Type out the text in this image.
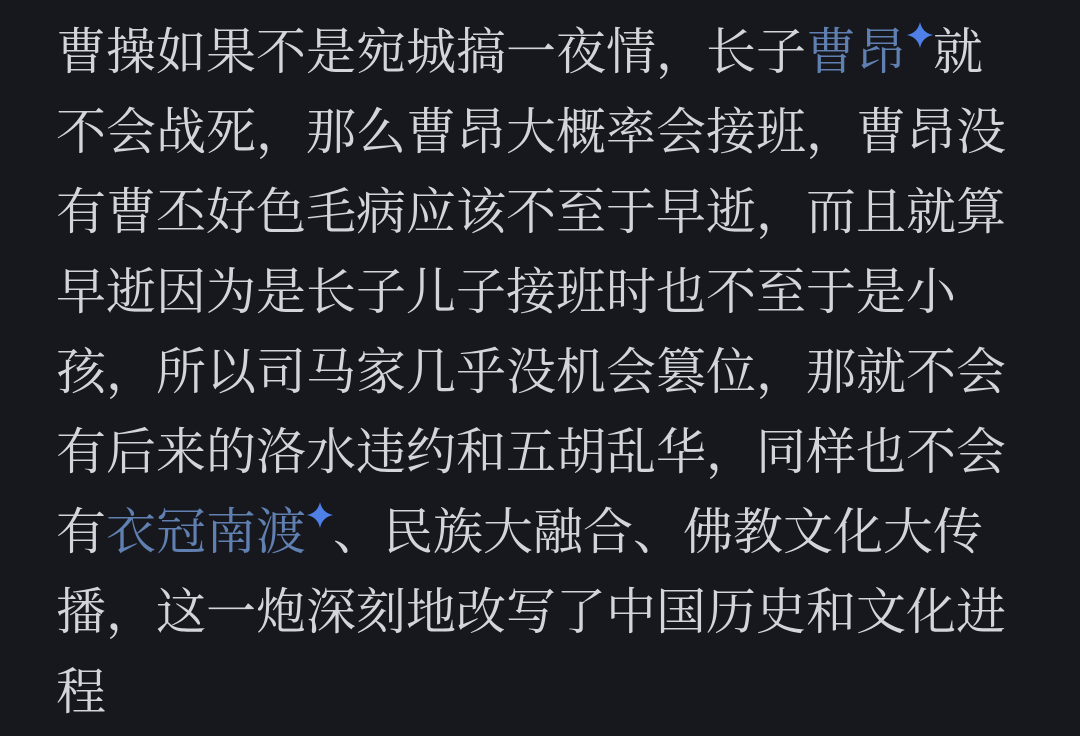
曹操如果不是宛城搞一夜情，长子曹昂 就不会战死，那么曹昂大概率会接班，曹昂没有曹丕好色毛病应该不至于早逝，而且就算早逝因为是长子儿子接班时也不至于是小孩，所以司马家几乎没机会篡位，那就不会有后来的洛水违约和五胡乱华，同样也不会有衣冠南渡 、民族大融合、佛教文化大传播，这一炮深刻地改写了中国历史和文化进程
